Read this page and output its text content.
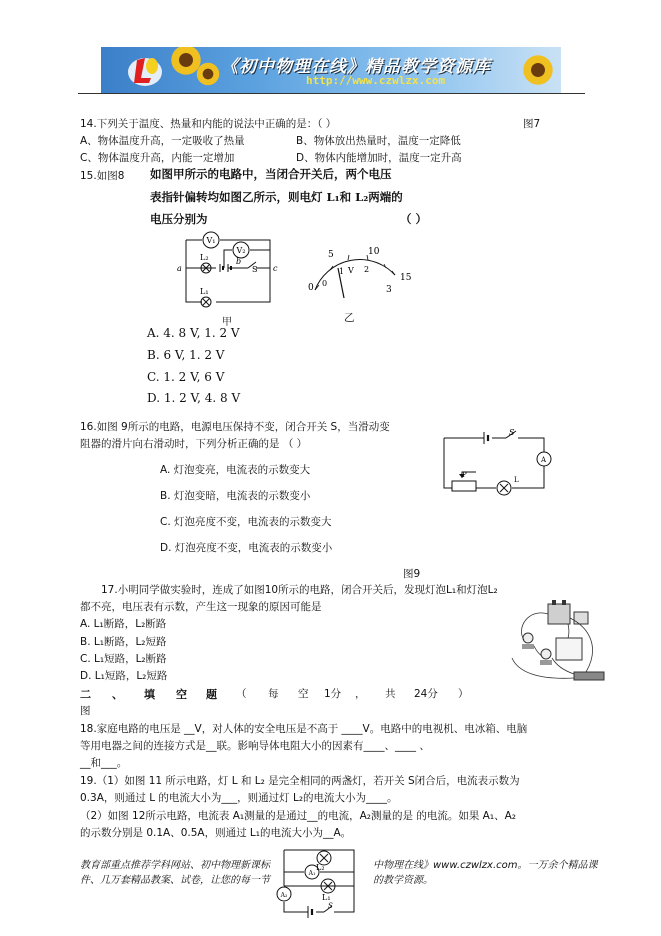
《初中物理在线》精品教学资源库
http://www.czwlzx.com
14.下列关于温度、热量和内能的说法中正确的是：（ ）	图7
A、物体温度升高，一定吸收了热量	B、物体放出热量时，温度一定降低
C、物体温度升高，内能一定增加	D、物体内能增加时，温度一定升高
15.如图8 如图甲所示的电路中，当闭合开关后，两个电压
表指针偏转均如图乙所示，则电灯 L₁和 L₂两端的
电压分别为	（ ）
V₁
V₂
L₂
L₁
S
a
b
c
甲
5	10
15
0
1 2
3
0
V
乙
A. 4. 8 V, 1. 2 V
B. 6 V, 1. 2 V
C. 1. 2 V, 6 V
D. 1. 2 V, 4. 8 V
16.如图 9所示的电路，电源电压保持不变，闭合开关 S，当滑动变
阻器的滑片向右滑动时，下列分析正确的是 （ ）
A. 灯泡变亮，电流表的示数变大
B. 灯泡变暗，电流表的示数变小
C. 灯泡亮度不变，电流表的示数变大
D. 灯泡亮度不变，电流表的示数变小
S
A
P
L
图9
17.小明同学做实验时，连成了如图10所示的电路，闭合开关后，发现灯泡L₁和灯泡L₂
都不亮，电压表有示数，产生这一现象的原因可能是
A. L₁断路，L₂断路
B. L₁断路，L₂短路
C. L₁短路，L₂断路
D. L₁短路，L₂短路
二 、 填 空 题 （ 每 空 1分 ， 共 24分 ）
图
18.家庭电路的电压是 __V，对人体的安全电压是不高于 ____V。电路中的电视机、电冰箱、电脑
等用电器之间的连接方式是__联。影响导体电阻大小的因素有____、____ 、
__和___。
19.（1）如图 11 所示电路，灯 L 和 L₂ 是完全相同的两盏灯，若开关 S闭合后，电流表示数为
0.3A，则通过 L 的电流大小为___，则通过灯 L₂的电流大小为____。
（2）如图 12所示电路，电流表 A₁测量的是通过__的电流，A₂测量的是 的电流。如果 A₁、A₂
的示数分别是 0.1A、0.5A，则通过 L₁的电流大小为__A。
教育部重点推荐学科网站、初中物理新课标
件、几万套精品教案、试卷，让您的每一节
中物理在线》www.czwlzx.com。一万余个精品课
的教学资源。
L₂
L₁
A₁
A₂
S
